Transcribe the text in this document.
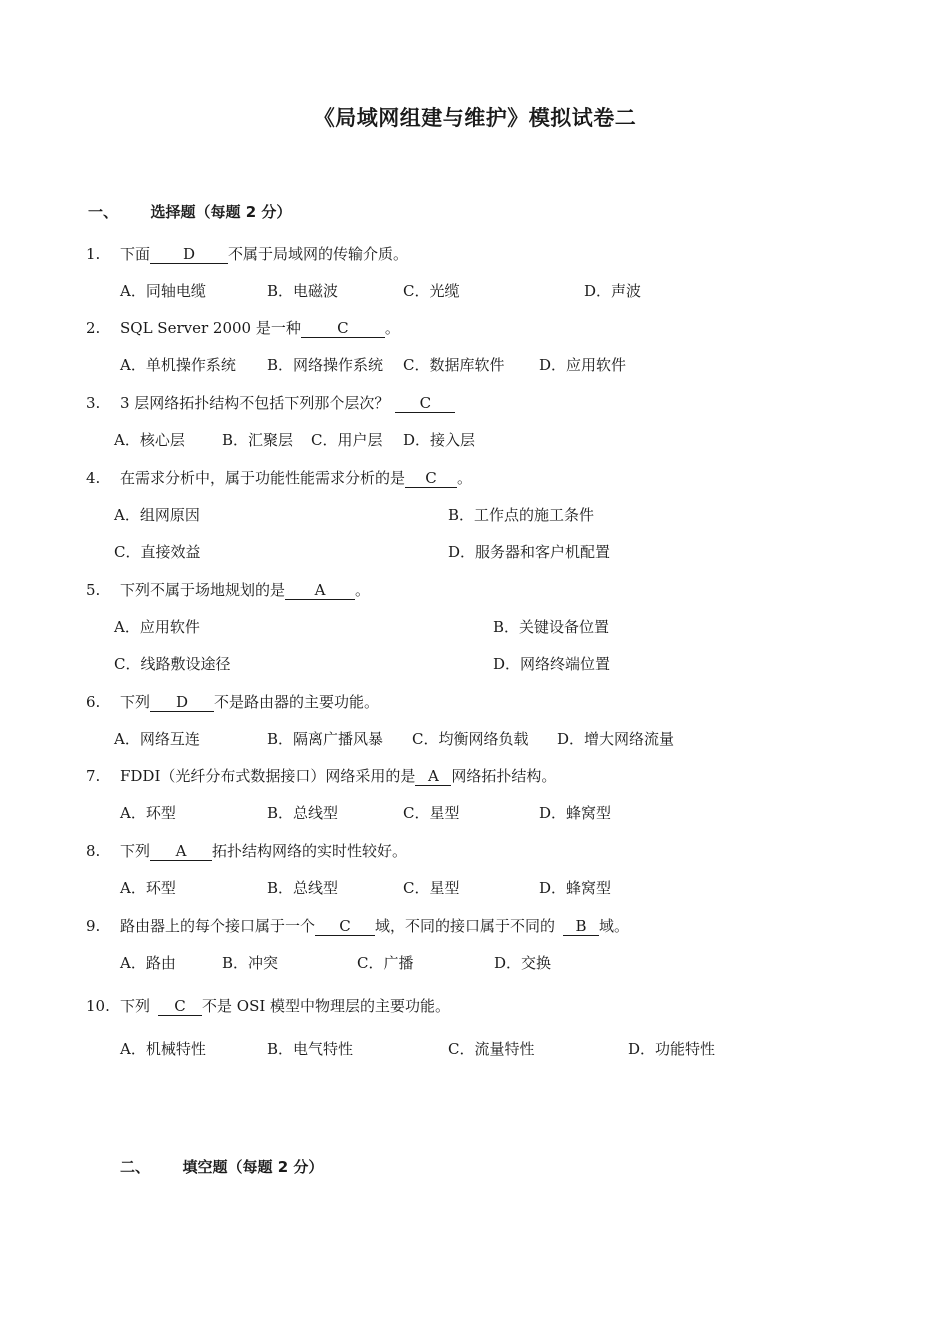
《局域网组建与维护》模拟试卷二
一、 选择题（每题 2 分）
1. 下面 D 不属于局域网的传输介质。
A．同轴电缆	B．电磁波	C．光缆	D．声波
2. SQL Server 2000 是一种 C 。
A．单机操作系统 B．网络操作系统 C．数据库软件 D．应用软件
3. 3 层网络拓扑结构不包括下列那个层次？ C
A．核心层 B．汇聚层 C．用户层 D．接入层
4. 在需求分析中，属于功能性能需求分析的是 C 。
A．组网原因	B．工作点的施工条件
C．直接效益	D．服务器和客户机配置
5. 下列不属于场地规划的是 A 。
A．应用软件	B．关键设备位置
C．线路敷设途径	D．网络终端位置
6. 下列 D 不是路由器的主要功能。
A．网络互连	B．隔离广播风暴 C．均衡网络负载 D．增大网络流量
7. FDDI（光纤分布式数据接口）网络采用的是 A 网络拓扑结构。
A．环型	B．总线型	C．星型	D．蜂窝型
8. 下列 A 拓扑结构网络的实时性较好。
A．环型	B．总线型	C．星型	D．蜂窝型
9. 路由器上的每个接口属于一个 C 域，不同的接口属于不同的 B 域。
A．路由	B．冲突	C．广播	D．交换
10. 下列 C 不是 OSI 模型中物理层的主要功能。
A．机械特性	B．电气特性	C．流量特性	D．功能特性
二、 填空题（每题 2 分）
